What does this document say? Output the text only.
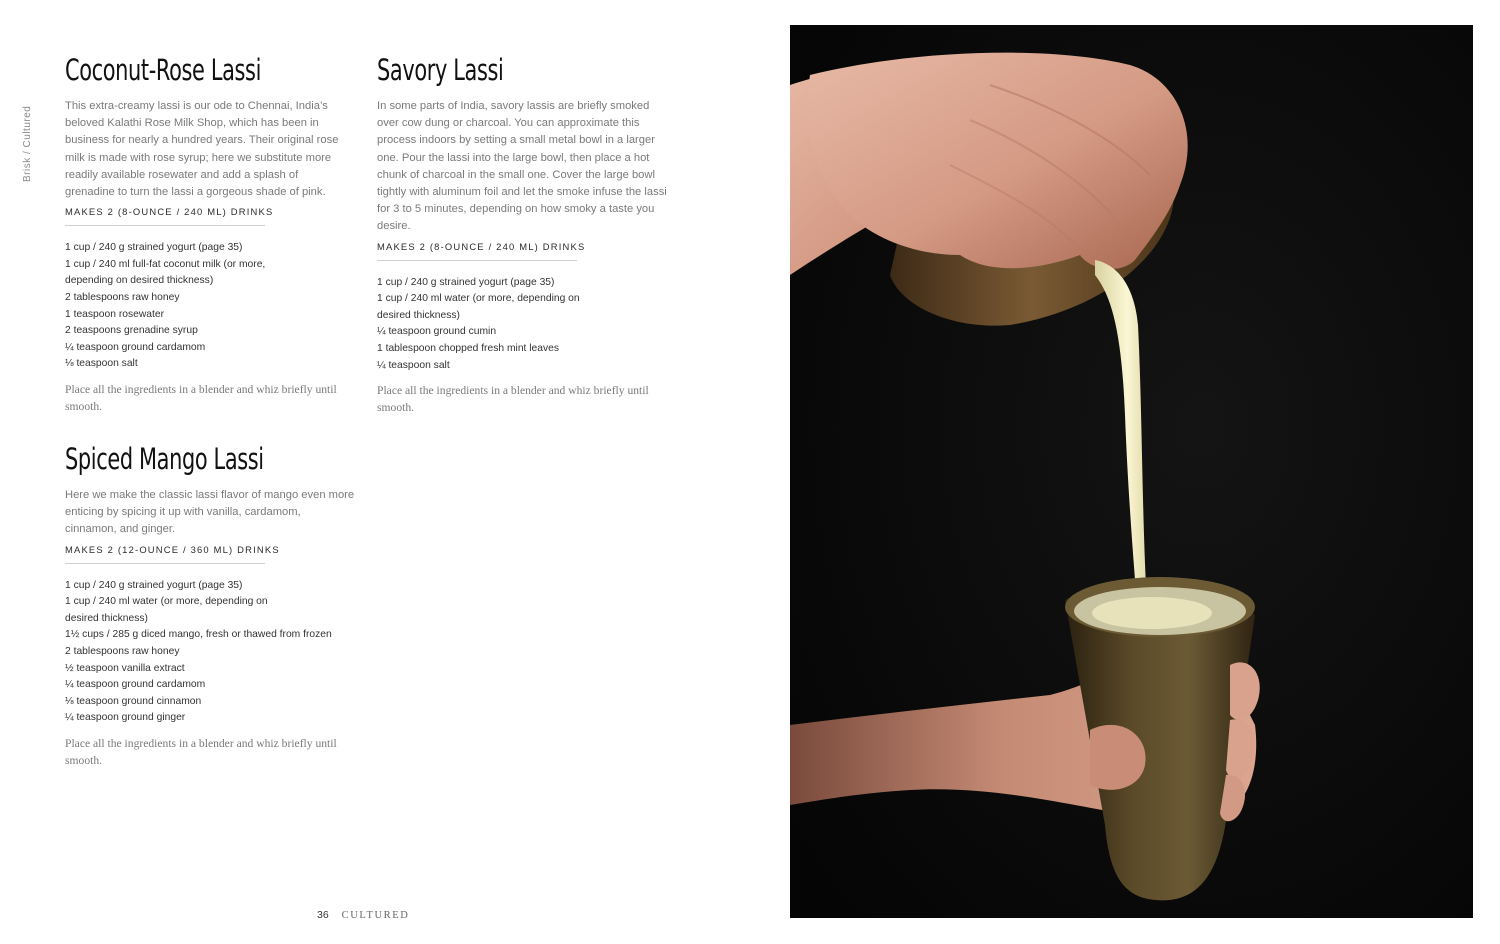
Brisk / Cultured
Coconut-Rose Lassi

This extra-creamy lassi is our ode to Chennai, India’s beloved Kalathi Rose Milk Shop, which has been in business for nearly a hundred years. Their original rose milk is made with rose syrup; here we substitute more readily available rosewater and add a splash of grenadine to turn the lassi a gorgeous shade of pink.

MAKES 2 (8-OUNCE / 240 ML) DRINKS
1 cup / 240 g strained yogurt (page 35)
1 cup / 240 ml full-fat coconut milk (or more,
depending on desired thickness)
2 tablespoons raw honey
1 teaspoon rosewater
2 teaspoons grenadine syrup
¼ teaspoon ground cardamom
⅛ teaspoon salt

Place all the ingredients in a blender and whiz briefly until smooth.

Savory Lassi

In some parts of India, savory lassis are briefly smoked over cow dung or charcoal. You can approximate this process indoors by setting a small metal bowl in a larger one. Pour the lassi into the large bowl, then place a hot chunk of charcoal in the small one. Cover the large bowl tightly with aluminum foil and let the smoke infuse the lassi for 3 to 5 minutes, depending on how smoky a taste you desire.

MAKES 2 (8-OUNCE / 240 ML) DRINKS
1 cup / 240 g strained yogurt (page 35)
1 cup / 240 ml water (or more, depending on
desired thickness)
¼ teaspoon ground cumin
1 tablespoon chopped fresh mint leaves
¼ teaspoon salt

Place all the ingredients in a blender and whiz briefly until smooth.

Spiced Mango Lassi

Here we make the classic lassi flavor of mango even more enticing by spicing it up with vanilla, cardamom, cinnamon, and ginger.

MAKES 2 (12-OUNCE / 360 ML) DRINKS
1 cup / 240 g strained yogurt (page 35)
1 cup / 240 ml water (or more, depending on
desired thickness)
1½ cups / 285 g diced mango, fresh or thawed from frozen
2 tablespoons raw honey
½ teaspoon vanilla extract
¼ teaspoon ground cardamom
⅛ teaspoon ground cinnamon
¼ teaspoon ground ginger

Place all the ingredients in a blender and whiz briefly until smooth.

36 CULTURED
